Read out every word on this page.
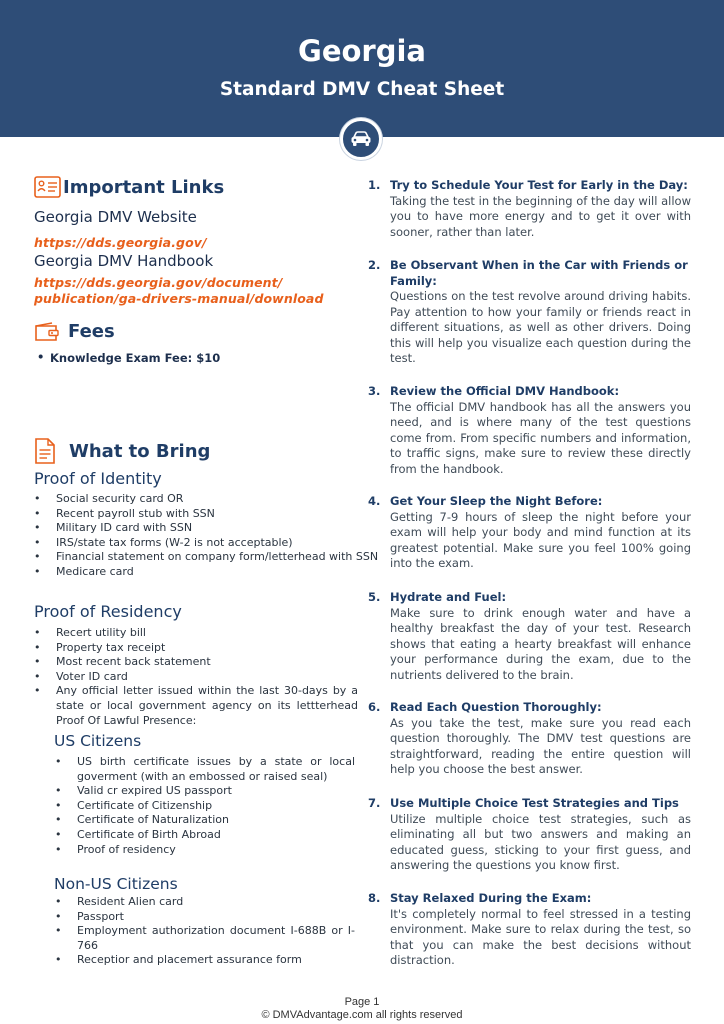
Georgia
Standard DMV Cheat Sheet
Important Links
Georgia DMV Website
https://dds.georgia.gov/
Georgia DMV Handbook
https://dds.georgia.gov/document/
publication/ga-drivers-manual/download
Fees
• Knowledge Exam Fee: $10
What to Bring
Proof of Identity
• Social security card OR
• Recent payroll stub with SSN
• Military ID card with SSN
• IRS/state tax forms (W-2 is not acceptable)
• Financial statement on company form/letterhead with SSN
• Medicare card
Proof of Residency
• Recert utility bill
• Property tax receipt
• Most recent back statement
• Voter ID card
• Any official letter issued within the last 30-days by a state or local government agency on its lettterhead Proof Of Lawful Presence:
US Citizens
• US birth certificate issues by a state or local goverment (with an embossed or raised seal)
• Valid cr expired US passport
• Certificate of Citizenship
• Certificate of Naturalization
• Certificate of Birth Abroad
• Proof of residency
Non-US Citizens
• Resident Alien card
• Passport
• Employment authorization document I-688B or I-766
• Receptior and placemert assurance form
1. Try to Schedule Your Test for Early in the Day:
Taking the test in the beginning of the day will allow you to have more energy and to get it over with sooner, rather than later.
2. Be Observant When in the Car with Friends or Family:
Questions on the test revolve around driving habits. Pay attention to how your family or friends react in different situations, as well as other drivers. Doing this will help you visualize each question during the test.
3. Review the Official DMV Handbook:
The official DMV handbook has all the answers you need, and is where many of the test questions come from. From specific numbers and information, to traffic signs, make sure to review these directly from the handbook.
4. Get Your Sleep the Night Before:
Getting 7-9 hours of sleep the night before your exam will help your body and mind function at its greatest potential. Make sure you feel 100% going into the exam.
5. Hydrate and Fuel:
Make sure to drink enough water and have a healthy breakfast the day of your test. Research shows that eating a hearty breakfast will enhance your performance during the exam, due to the nutrients delivered to the brain.
6. Read Each Question Thoroughly:
As you take the test, make sure you read each question thoroughly. The DMV test questions are straightforward, reading the entire question will help you choose the best answer.
7. Use Multiple Choice Test Strategies and Tips
Utilize multiple choice test strategies, such as eliminating all but two answers and making an educated guess, sticking to your first guess, and answering the questions you know first.
8. Stay Relaxed During the Exam:
It's completely normal to feel stressed in a testing environment. Make sure to relax during the test, so that you can make the best decisions without distraction.
Page 1
© DMVAdvantage.com all rights reserved
